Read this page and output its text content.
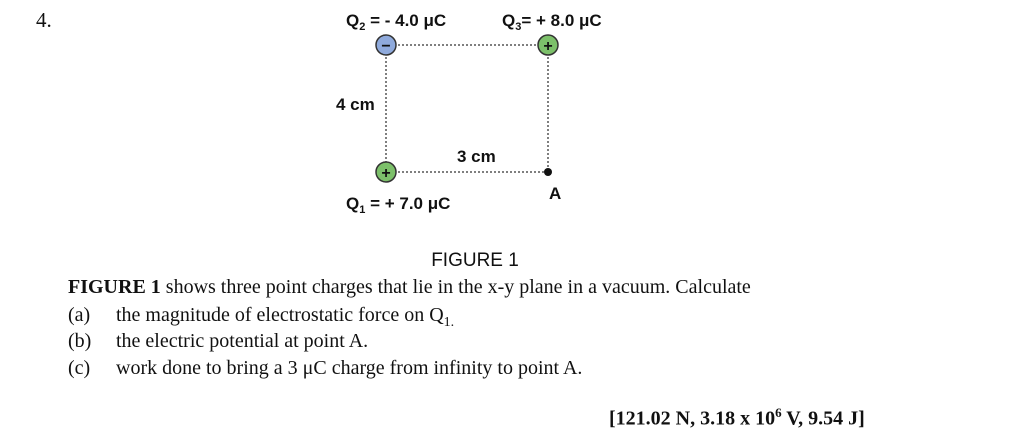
4.
−	+
+
A
$Q_2$ = - 4.0 μC	$Q_3= + 8.0$ μC
$Q_1$ = + 7.0 μC
4 cm
3 cm
FIGURE 1
FIGURE 1 shows three point charges that lie in the x-y plane in a vacuum. Calculate
(a) the magnitude of electrostatic force on $Q_{1.}$
(b) the electric potential at point A.
(c) work done to bring a 3 μC charge from infinity to point A.
[121.02 N, 3.18 x $10^6$ V, 9.54 J]
